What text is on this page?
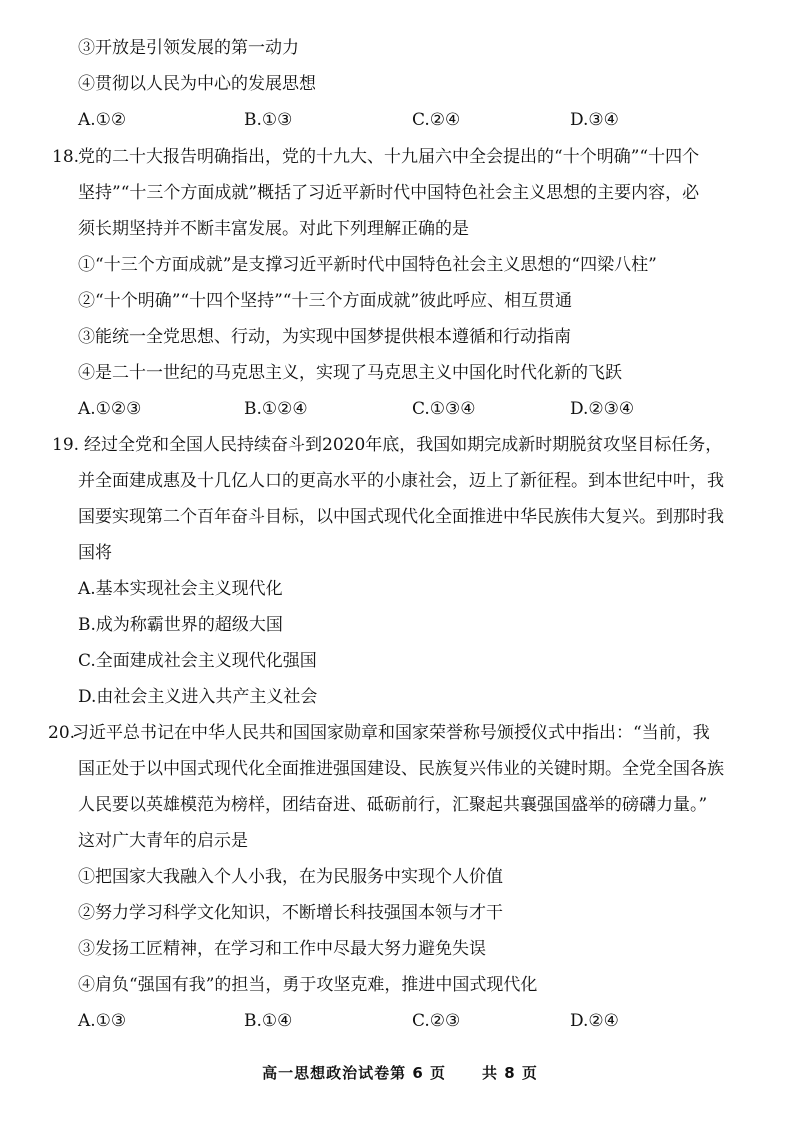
③开放是引领发展的第一动力
④贯彻以人民为中心的发展思想
A.①②	B.①③	C.②④	D.③④
18.
党的二十大报告明确指出，党的十九大、十九届六中全会提出的“十个明确”“十四个
坚持”“十三个方面成就”概括了习近平新时代中国特色社会主义思想的主要内容，必
须长期坚持并不断丰富发展。对此下列理解正确的是
①“十三个方面成就”是支撑习近平新时代中国特色社会主义思想的“四梁八柱”
②“十个明确”“十四个坚持”“十三个方面成就”彼此呼应、相互贯通
③能统一全党思想、行动，为实现中国梦提供根本遵循和行动指南
④是二十一世纪的马克思主义，实现了马克思主义中国化时代化新的飞跃
A.①②③	B.①②④	C.①③④	D.②③④
19. 经过全党和全国人民持续奋斗到2020年底，我国如期完成新时期脱贫攻坚目标任务，
并全面建成惠及十几亿人口的更高水平的小康社会，迈上了新征程。到本世纪中叶，我
国要实现第二个百年奋斗目标，以中国式现代化全面推进中华民族伟大复兴。到那时我
国将
A.基本实现社会主义现代化
B.成为称霸世界的超级大国
C.全面建成社会主义现代化强国
D.由社会主义进入共产主义社会
20.
习近平总书记在中华人民共和国国家勋章和国家荣誉称号颁授仪式中指出：“当前，我
国正处于以中国式现代化全面推进强国建设、民族复兴伟业的关键时期。全党全国各族
人民要以英雄模范为榜样，团结奋进、砥砺前行，汇聚起共襄强国盛举的磅礴力量。”
这对广大青年的启示是
①把国家大我融入个人小我，在为民服务中实现个人价值
②努力学习科学文化知识，不断增长科技强国本领与才干
③发扬工匠精神，在学习和工作中尽最大努力避免失误
④肩负“强国有我”的担当，勇于攻坚克难，推进中国式现代化
A.①③	B.①④	C.②③	D.②④
高一思想政治试卷第 6 页 共 8 页
